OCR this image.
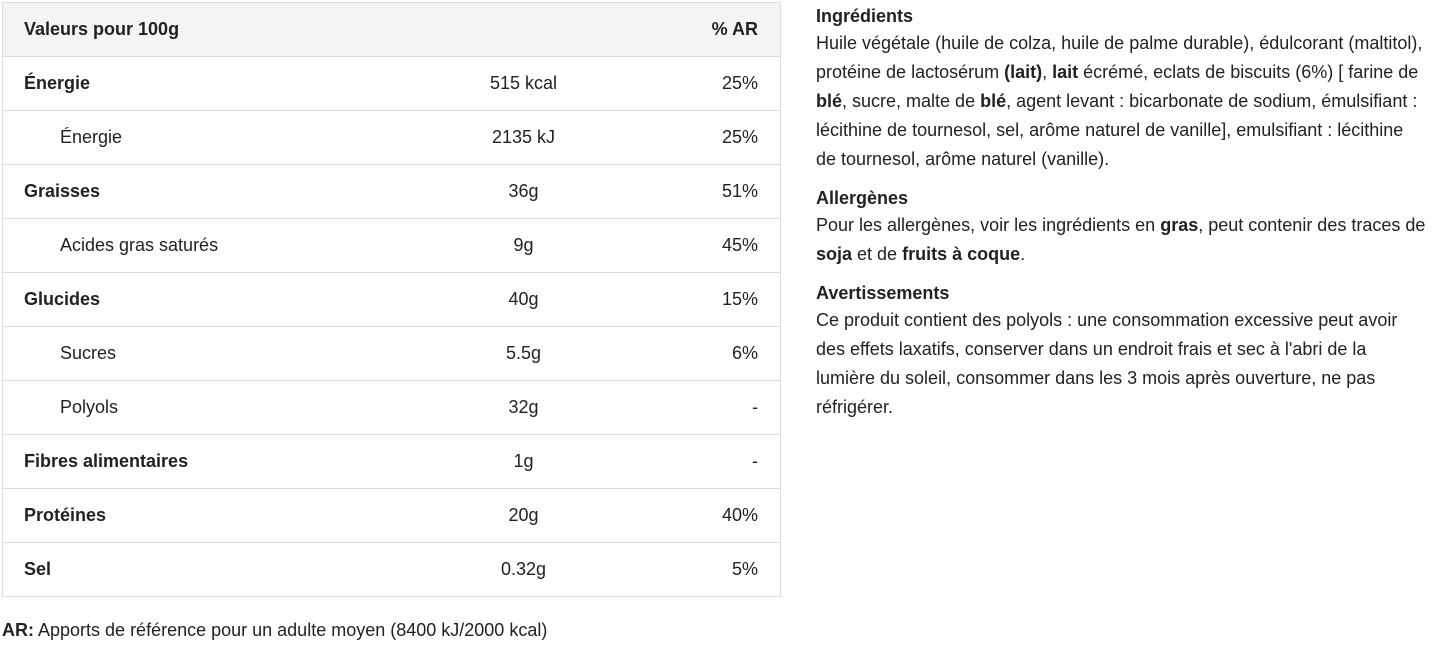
Valeurs pour 100g		% AR
Énergie	515 kcal	25%
Énergie	2135 kJ	25%
Graisses	36g	51%
Acides gras saturés	9g	45%
Glucides	40g	15%
Sucres	5.5g	6%
Polyols	32g	-
Fibres alimentaires	1g	-
Protéines	20g	40%
Sel	0.32g	5%
AR: Apports de référence pour un adulte moyen (8400 kJ/2000 kcal)
Ingrédients

Huile végétale (huile de colza, huile de palme durable), édulcorant (maltitol), protéine de lactosérum (lait), lait écrémé, eclats de biscuits (6%) [ farine de blé, sucre, malte de blé, agent levant : bicarbonate de sodium, émulsifiant : lécithine de tournesol, sel, arôme naturel de vanille], emulsifiant : lécithine de tournesol, arôme naturel (vanille).

Allergènes

Pour les allergènes, voir les ingrédients en gras, peut contenir des traces de soja et de fruits à coque.

Avertissements

Ce produit contient des polyols : une consommation excessive peut avoir des effets laxatifs, conserver dans un endroit frais et sec à l'abri de la lumière du soleil, consommer dans les 3 mois après ouverture, ne pas réfrigérer.
